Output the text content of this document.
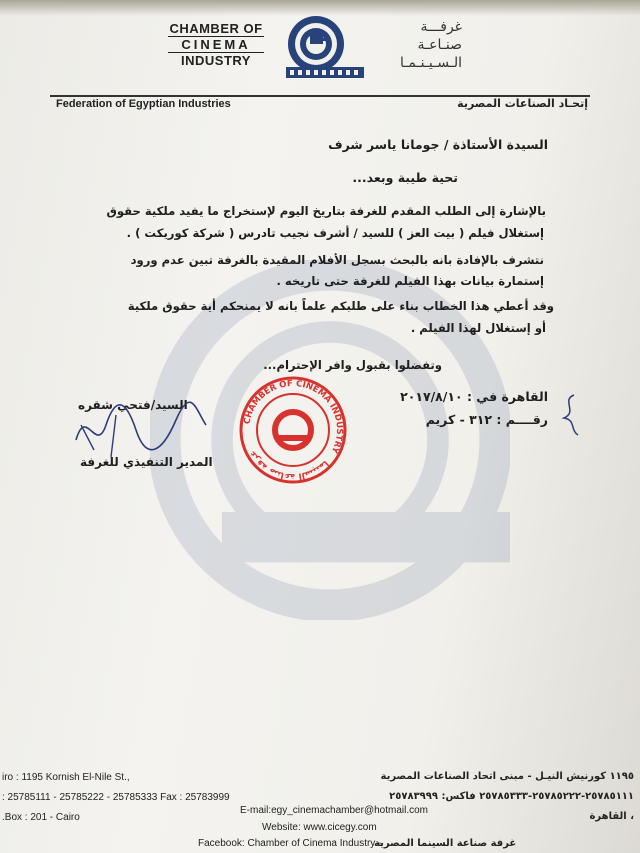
CHAMBER OF
CINEMA
INDUSTRY
غرفـــة
صنـاعـة
الـسـيـنـمـا
Federation of Egyptian Industries	إتحـاد الصناعات المصرية
السيدة الأستاذة / جومانا ياسر شرف
تحية طيبة وبعد...
بالإشارة إلى الطلب المقدم للغرفة بتاريخ اليوم لإستخراج ما يفيد ملكية حقوق
إستغلال فيلم ( بيت العز ) للسيد / أشرف نجيب تادرس ( شركة كوريكت ) .
نتشرف بالإفادة بانه بالبحث بسجل الأفلام المقيدة بالغرفة تبين عدم ورود
إستمارة بيانات بهذا الفيلم للغرفة حتى تاريخه .
وقد أعطي هذا الخطاب بناء على طلبكم علماً بانه لا يمنحكم أية حقوق ملكية
أو إستغلال لهذا الفيلم .
وتفضلوا بقبول وافر الإحترام...
القاهرة في : ٢٠١٧/٨/١٠
رقــــم : ٣١٢ - كريم
السيد/فتحي شقره
المدير التنفيذي للغرفة
CHAMBER OF CINEMA INDUSTRY
غرفة صناعة السينما
iro : 1195 Kornish El-Nile St.,
: 25785111 - 25785222 - 25785333 Fax : 25783999
.Box : 201 - Cairo
١١٩٥ كورنيش النيـل - مبنى اتحاد الصناعات المصرية
٢٥٧٨٥١١١-٢٥٧٨٥٢٢٢-٢٥٧٨٥٣٣٣ فاكس: ٢٥٧٨٣٩٩٩
، القاهرة
E-mail:egy_cinemachamber@hotmail.com
Website: www.cicegy.com
Facebook: Chamber of Cinema Industry -
غرفة صناعة السينما المصرية
